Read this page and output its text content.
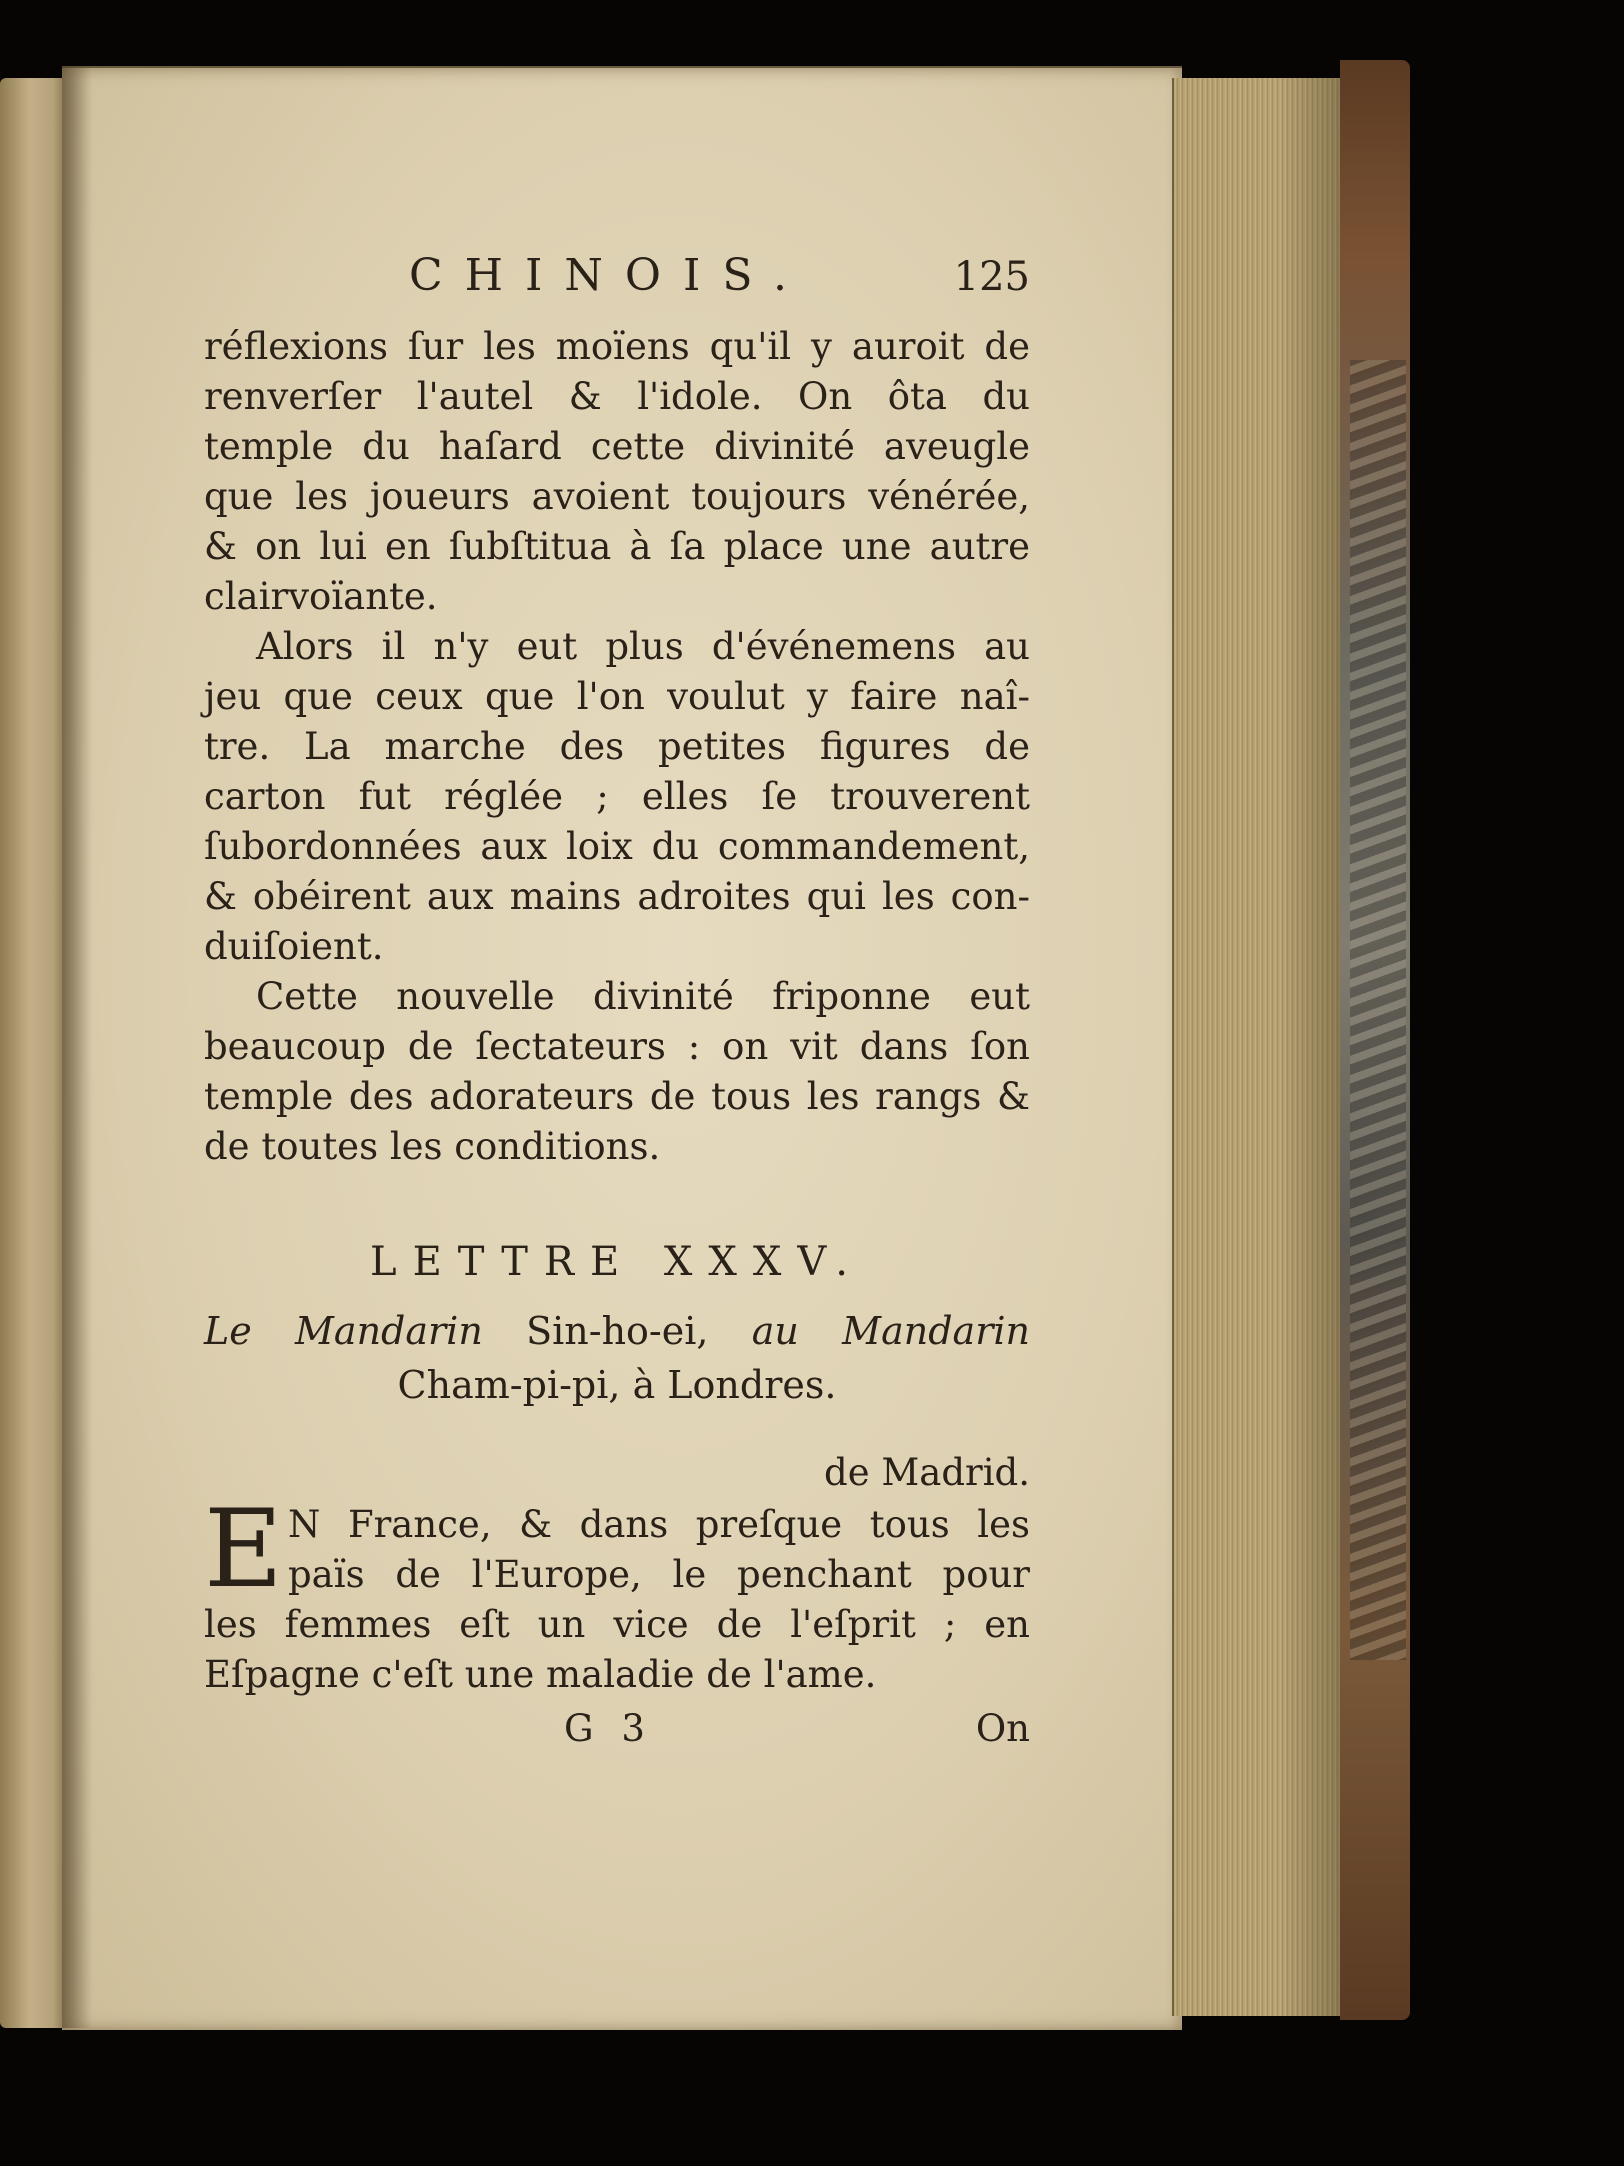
CHINOIS.	125
réflexions ſur les moïens qu'il y auroit de
renverſer l'autel & l'idole. On ôta du
temple du haſard cette divinité aveugle
que les joueurs avoient toujours vénérée,
& on lui en ſubſtitua à ſa place une autre
clairvoïante.
Alors il n'y eut plus d'événemens au
jeu que ceux que l'on voulut y faire naî-
tre. La marche des petites figures de
carton fut réglée ; elles ſe trouverent
ſubordonnées aux loix du commandement,
& obéirent aux mains adroites qui les con-
duiſoient.
Cette nouvelle divinité friponne eut
beaucoup de ſectateurs : on vit dans ſon
temple des adorateurs de tous les rangs &
de toutes les conditions.
LETTRE XXXV.
Le Mandarin Sin-ho-ei, au Mandarin
Cham-pi-pi, à Londres.
de Madrid.
E N France, & dans preſque tous les
païs de l'Europe, le penchant pour
les femmes eſt un vice de l'eſprit ; en
Eſpagne c'eſt une maladie de l'ame.
G 3	On
